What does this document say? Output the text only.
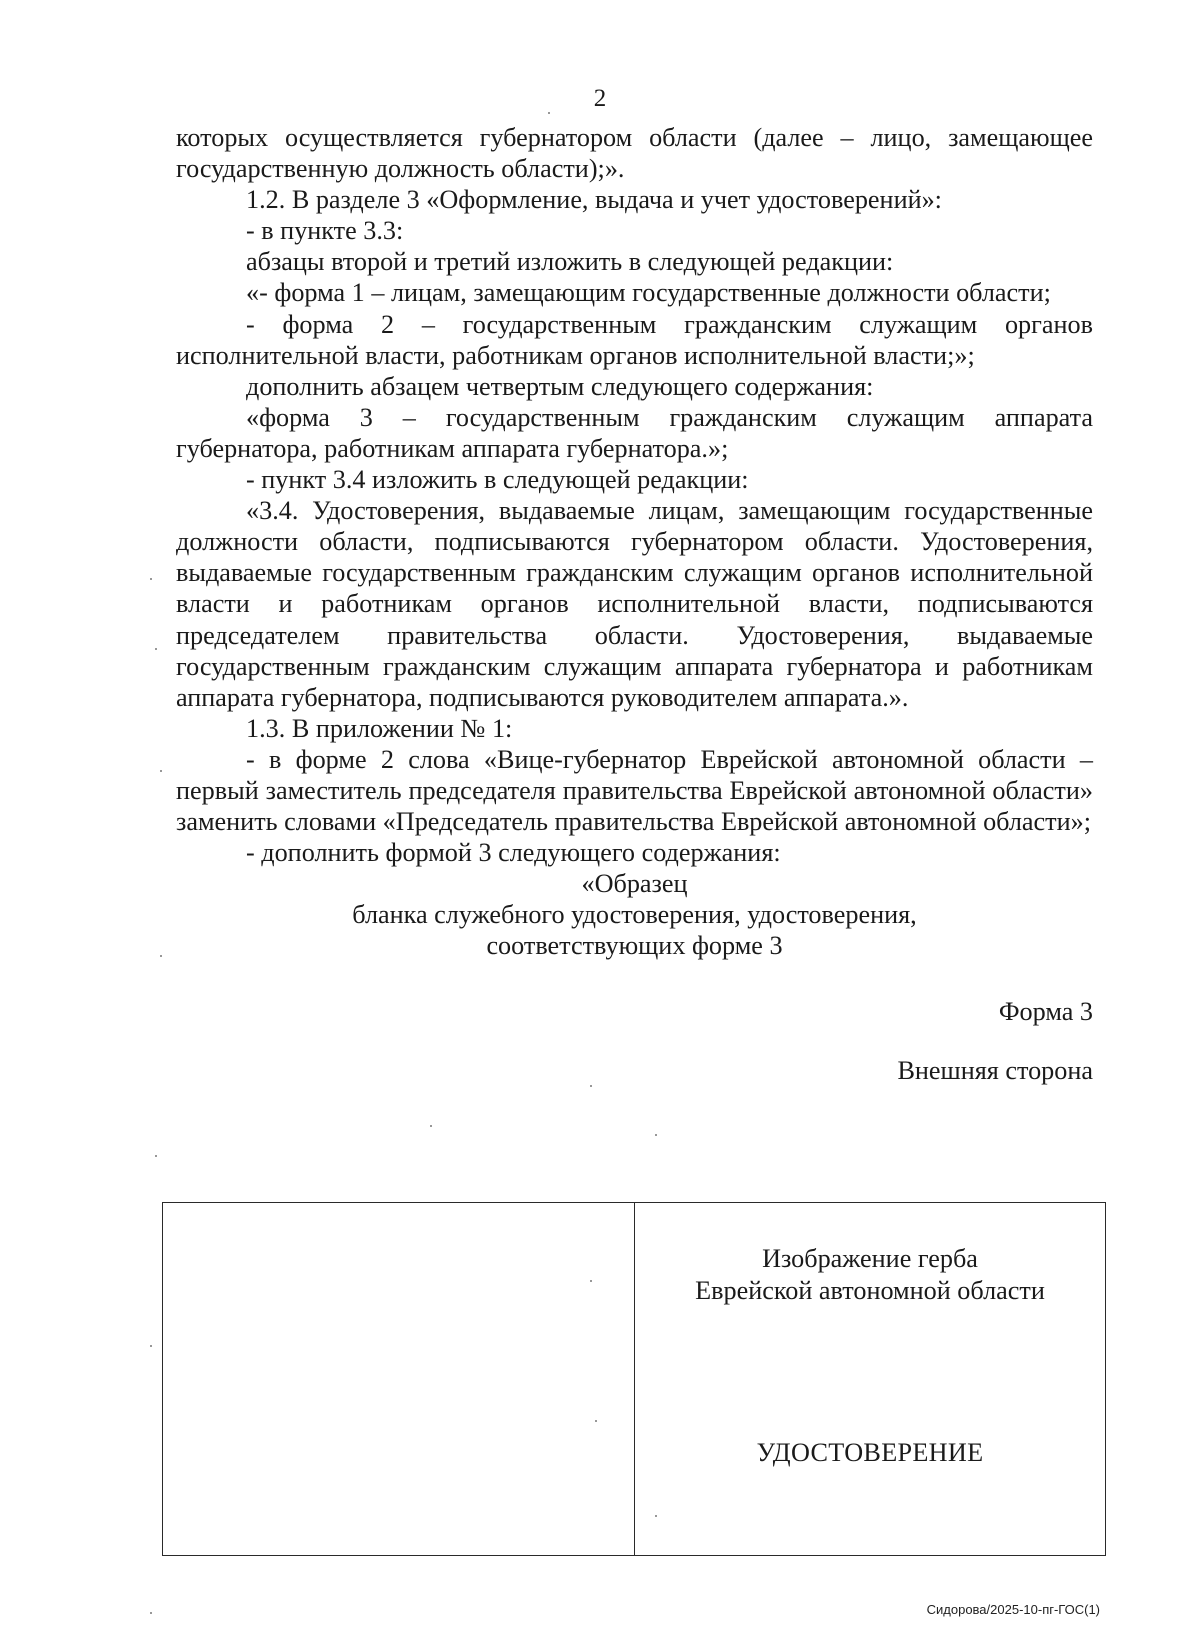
2

которых осуществляется губернатором области (далее – лицо, замещающее государственную должность области);».

1.2. В разделе 3 «Оформление, выдача и учет удостоверений»:

- в пункте 3.3:

абзацы второй и третий изложить в следующей редакции:

«- форма 1 – лицам, замещающим государственные должности области;

- форма 2 – государственным гражданским служащим органов исполнительной власти, работникам органов исполнительной власти;»;

дополнить абзацем четвертым следующего содержания:

«форма 3 – государственным гражданским служащим аппарата губернатора, работникам аппарата губернатора.»;

- пункт 3.4 изложить в следующей редакции:

«3.4. Удостоверения, выдаваемые лицам, замещающим государственные должности области, подписываются губернатором области. Удостоверения, выдаваемые государственным гражданским служащим органов исполнительной власти и работникам органов исполнительной власти, подписываются председателем правительства области. Удостоверения, выдаваемые государственным гражданским служащим аппарата губернатора и работникам аппарата губернатора, подписываются руководителем аппарата.».

1.3. В приложении № 1:

- в форме 2 слова «Вице-губернатор Еврейской автономной области – первый заместитель председателя правительства Еврейской автономной области» заменить словами «Председатель правительства Еврейской автономной области»;

- дополнить формой 3 следующего содержания:

«Образец

бланка служебного удостоверения, удостоверения,

соответствующих форме 3

Форма 3

Внешняя сторона

Изображение герба
Еврейской автономной области
УДОСТОВЕРЕНИЕ
Сидорова/2025-10-пг-ГОС(1)
